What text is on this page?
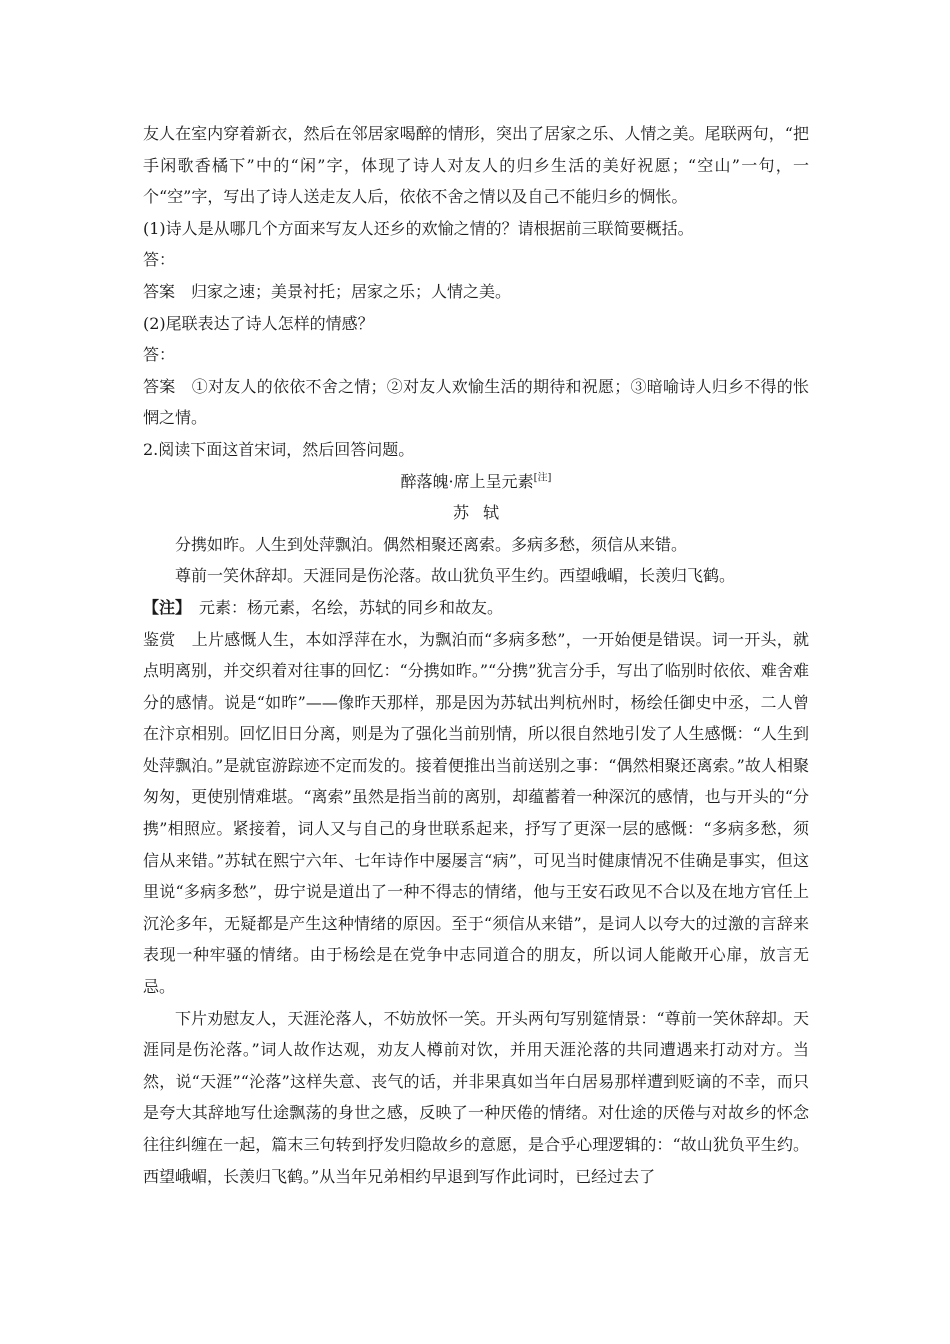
友人在室内穿着新衣，然后在邻居家喝醉的情形，突出了居家之乐、人情之美。尾联两句，“把手闲歌香橘下”中的“闲”字，体现了诗人对友人的归乡生活的美好祝愿；“空山”一句，一个“空”字，写出了诗人送走友人后，依依不舍之情以及自己不能归乡的惆怅。

(1)诗人是从哪几个方面来写友人还乡的欢愉之情的？请根据前三联简要概括。

答：

答案 归家之速；美景衬托；居家之乐；人情之美。

(2)尾联表达了诗人怎样的情感？

答：

答案 ①对友人的依依不舍之情；②对友人欢愉生活的期待和祝愿；③暗喻诗人归乡不得的怅惘之情。

2.阅读下面这首宋词，然后回答问题。

醉落魄·席上呈元素[注]

苏轼

分携如昨。人生到处萍飘泊。偶然相聚还离索。多病多愁，须信从来错。

尊前一笑休辞却。天涯同是伤沦落。故山犹负平生约。西望峨嵋，长羡归飞鹤。

【注】 元素：杨元素，名绘，苏轼的同乡和故友。

鉴赏 上片感慨人生，本如浮萍在水，为飘泊而“多病多愁”，一开始便是错误。词一开头，就点明离别，并交织着对往事的回忆：“分携如昨。”“分携”犹言分手，写出了临别时依依、难舍难分的感情。说是“如昨”——像昨天那样，那是因为苏轼出判杭州时，杨绘任御史中丞，二人曾在汴京相别。回忆旧日分离，则是为了强化当前别情，所以很自然地引发了人生感慨：“人生到处萍飘泊。”是就宦游踪迹不定而发的。接着便推出当前送别之事：“偶然相聚还离索。”故人相聚匆匆，更使别情难堪。“离索”虽然是指当前的离别，却蕴蓄着一种深沉的感情，也与开头的“分携”相照应。紧接着，词人又与自己的身世联系起来，抒写了更深一层的感慨：“多病多愁，须信从来错。”苏轼在熙宁六年、七年诗作中屡屡言“病”，可见当时健康情况不佳确是事实，但这里说“多病多愁”，毋宁说是道出了一种不得志的情绪，他与王安石政见不合以及在地方官任上沉沦多年，无疑都是产生这种情绪的原因。至于“须信从来错”，是词人以夸大的过激的言辞来表现一种牢骚的情绪。由于杨绘是在党争中志同道合的朋友，所以词人能敞开心扉，放言无忌。

下片劝慰友人，天涯沦落人，不妨放怀一笑。开头两句写别筵情景：“尊前一笑休辞却。天涯同是伤沦落。”词人故作达观，劝友人樽前对饮，并用天涯沦落的共同遭遇来打动对方。当然，说“天涯”“沦落”这样失意、丧气的话，并非果真如当年白居易那样遭到贬谪的不幸，而只是夸大其辞地写仕途飘荡的身世之感，反映了一种厌倦的情绪。对仕途的厌倦与对故乡的怀念往往纠缠在一起，篇末三句转到抒发归隐故乡的意愿，是合乎心理逻辑的：“故山犹负平生约。西望峨嵋，长羡归飞鹤。”从当年兄弟相约早退到写作此词时，已经过去了
